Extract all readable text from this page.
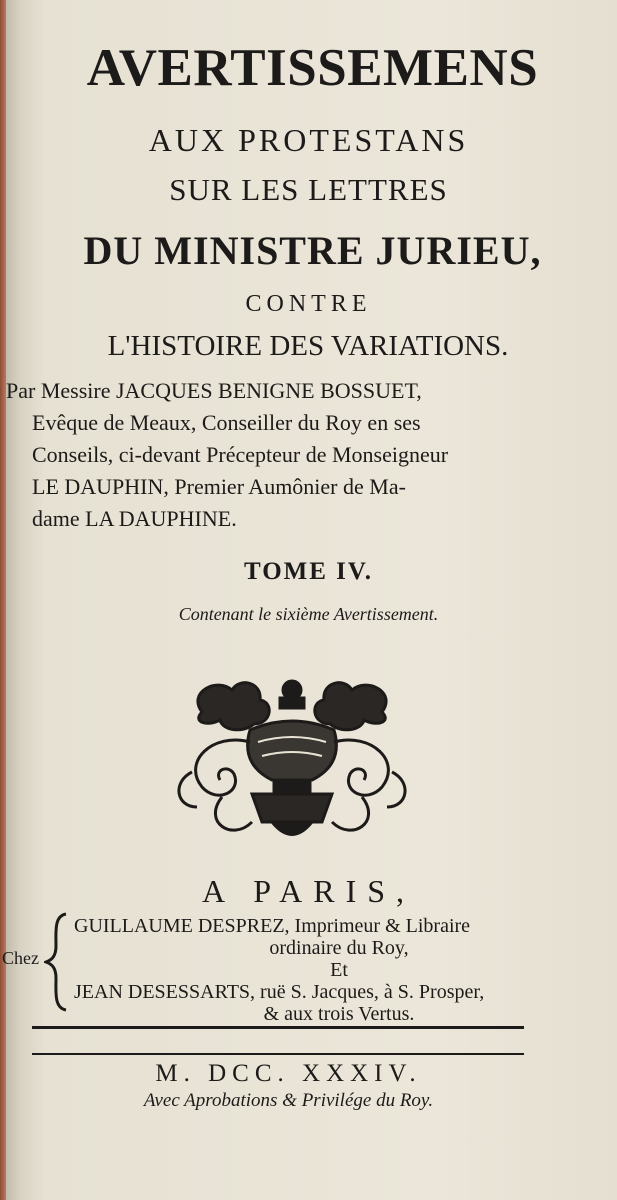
AVERTISSEMENS
AUX PROTESTANS
SUR LES LETTRES
DU MINISTRE JURIEU,
CONTRE
L'HISTOIRE DES VARIATIONS.
Par Messire JACQUES BENIGNE BOSSUET,
Evêque de Meaux, Conseiller du Roy en ses
Conseils, ci-devant Précepteur de Monseigneur
LE DAUPHIN, Premier Aumônier de Ma-
dame LA DAUPHINE.
TOME IV.
Contenant le sixième Avertissement.
A PARIS,
Chez
GUILLAUME DESPREZ, Imprimeur & Libraire
ordinaire du Roy,
Et
JEAN DESESSARTS, ruë S. Jacques, à S. Prosper,
& aux trois Vertus.
M. DCC. XXXIV.
Avec Aprobations & Privilége du Roy.
